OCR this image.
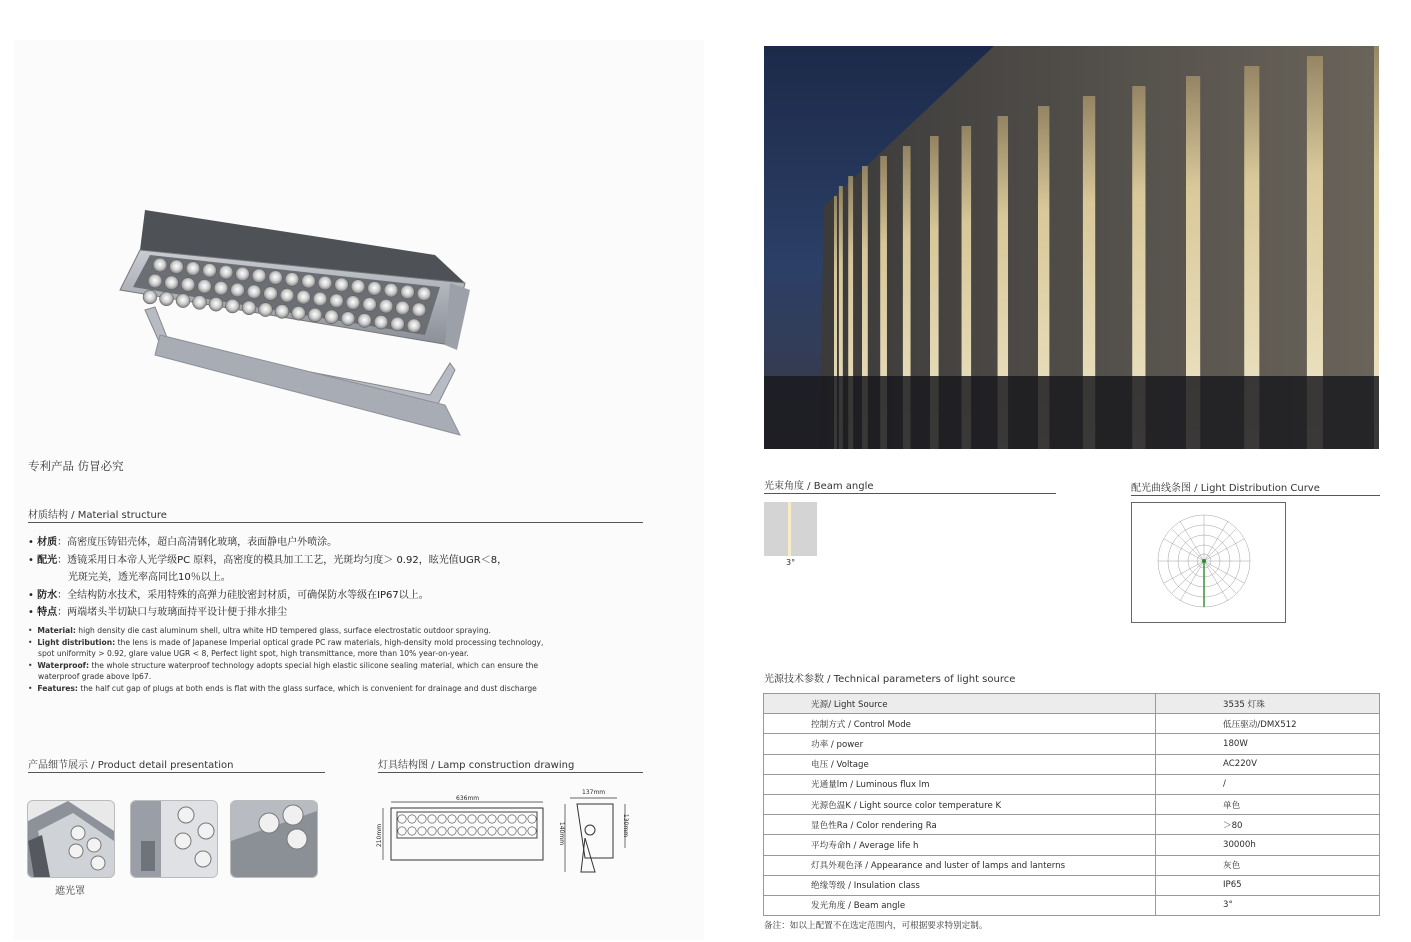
专利产品 仿冒必究
材质结构 / Material structure
• 材质：高密度压铸铝壳体，超白高清钢化玻璃，表面静电户外喷涂。
• 配光：透镜采用日本帝人光学级PC 原料，高密度的模具加工工艺，光斑均匀度＞ 0.92，眩光值UGR＜8，
光斑完美，透光率高同比10％以上。
• 防水：全结构防水技术，采用特殊的高弹力硅胶密封材质，可确保防水等级在IP67以上。
• 特点：两端堵头半切缺口与玻璃面持平设计便于排水排尘
•  Material: high density die cast aluminum shell, ultra white HD tempered glass, surface electrostatic outdoor spraying.
•  Light distribution: the lens is made of Japanese Imperial optical grade PC raw materials, high-density mold processing technology, spot uniformity > 0.92, glare value UGR < 8, Perfect light spot, high transmittance, more than 10% year-on-year.
•  Waterproof: the whole structure waterproof technology adopts special high elastic silicone sealing material, which can ensure the waterproof grade above Ip67.
•  Features: the half cut gap of plugs at both ends is flat with the glass surface, which is convenient for drainage and dust discharge
产品细节展示 / Product detail presentation
遮光罩
灯具结构图 / Lamp construction drawing
636mm
210mm
137mm
140mm	130mm
光束角度 / Beam angle
3°
配光曲线条图 / Light Distribution Curve
光源技术参数 / Technical parameters of light source
光源/ Light Source	3535 灯珠
控制方式 / Control Mode	低压驱动/DMX512
功率 / power	180W
电压 / Voltage	AC220V
光通量lm / Luminous flux lm	/
光源色温K / Light source color temperature K	单色
显色性Ra / Color rendering Ra	＞80
平均寿命h / Average life h	30000h
灯具外观色泽 / Appearance and luster of lamps and lanterns	灰色
绝缘等级 / Insulation class	IP65
发光角度 / Beam angle	3°
备注：如以上配置不在选定范围内，可根据要求特别定制。
